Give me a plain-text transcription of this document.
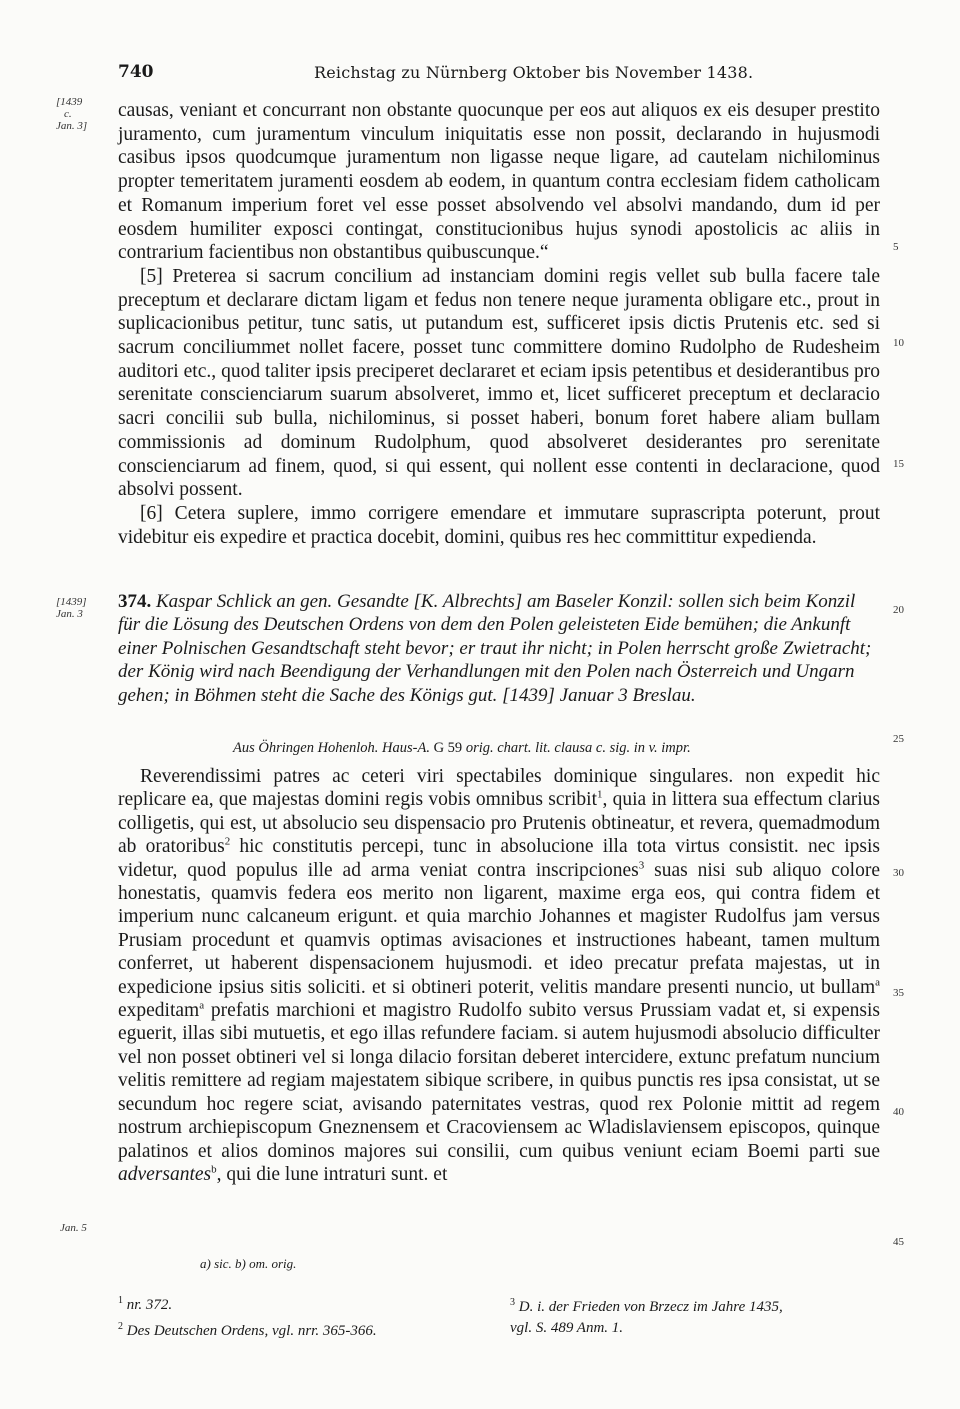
740	Reichstag zu Nürnberg Oktober bis November 1438.
[1439
c.
Jan. 3]
[1439]
Jan. 3
Jan. 5
5
10
15
20
25
30
35
40
45

causas, veniant et concurrant non obstante quocunque per eos aut aliquos ex eis desuper prestito juramento, cum juramentum vinculum iniquitatis esse non possit, declarando in hujusmodi casibus ipsos quodcumque juramentum non ligasse neque ligare, ad cautelam nichilominus propter temeritatem juramenti eosdem ab eodem, in quantum contra ecclesiam fidem catholicam et Romanum imperium foret vel esse posset absolvendo vel absolvi mandando, dum id per eosdem humiliter exposci contingat, constitucionibus hujus synodi apostolicis ac aliis in contrarium facientibus non obstantibus quibuscunque.“

[5] Preterea si sacrum concilium ad instanciam domini regis vellet sub bulla facere tale preceptum et declarare dictam ligam et fedus non tenere neque juramenta obligare etc., prout in suplicacionibus petitur, tunc satis, ut putandum est, sufficeret ipsis dictis Prutenis etc. sed si sacrum conciliummet nollet facere, posset tunc committere domino Rudolpho de Rudesheim auditori etc., quod taliter ipsis preciperet declararet et eciam ipsis petentibus et desiderantibus pro serenitate conscienciarum suarum absolveret, immo et, licet sufficeret preceptum et declaracio sacri concilii sub bulla, nichilominus, si posset haberi, bonum foret habere aliam bullam commissionis ad dominum Rudolphum, quod absolveret desiderantes pro serenitate conscienciarum ad finem, quod, si qui essent, qui nollent esse contenti in declaracione, quod absolvi possent.

[6] Cetera suplere, immo corrigere emendare et immutare suprascripta poterunt, prout videbitur eis expedire et practica docebit, domini, quibus res hec committitur expedienda.

374. Kaspar Schlick an gen. Gesandte [K. Albrechts] am Baseler Konzil: sollen sich beim Konzil für die Lösung des Deutschen Ordens von dem den Polen geleisteten Eide bemühen; die Ankunft einer Polnischen Gesandtschaft steht bevor; er traut ihr nicht; in Polen herrscht große Zwietracht; der König wird nach Beendigung der Verhandlungen mit den Polen nach Österreich und Ungarn gehen; in Böhmen steht die Sache des Königs gut. [1439] Januar 3 Breslau.
Aus Öhringen Hohenloh. Haus-A. G 59 orig. chart. lit. clausa c. sig. in v. impr.

Reverendissimi patres ac ceteri viri spectabiles dominique singulares. non expedit hic replicare ea, que majestas domini regis vobis omnibus scribit$^1$, quia in littera sua effectum clarius colligetis, qui est, ut absolucio seu dispensacio pro Prutenis obtineatur, et revera, quemadmodum ab oratoribus$^2$ hic constitutis percepi, tunc in absolucione illa tota virtus consistit. nec ipsis videtur, quod populus ille ad arma veniat contra inscripciones$^3$ suas nisi sub aliquo colore honestatis, quamvis federa eos merito non ligarent, maxime erga eos, qui contra fidem et imperium nunc calcaneum erigunt. et quia marchio Johannes et magister Rudolfus jam versus Prusiam procedunt et quamvis optimas avisaciones et instructiones habeant, tamen multum conferret, ut haberent dispensacionem hujusmodi. et ideo precatur prefata majestas, ut in expedicione ipsius sitis soliciti. et si obtineri poterit, velitis mandare presenti nuncio, ut bullam$^a$ expeditam$^a$ prefatis marchioni et magistro Rudolfo subito versus Prussiam vadat et, si expensis eguerit, illas sibi mutuetis, et ego illas refundere faciam. si autem hujusmodi absolucio difficulter vel non posset obtineri vel si longa dilacio forsitan deberet intercidere, extunc prefatum nuncium velitis remittere ad regiam majestatem sibique scribere, in quibus punctis res ipsa consistat, ut se secundum hoc regere sciat, avisando paternitates vestras, quod rex Polonie mittit ad regem nostrum archiepiscopum Gneznensem et Cracoviensem ac Wladislaviensem episcopos, quinque palatinos et alios dominos majores sui consilii, cum quibus veniunt eciam Boemi parti sue adversantes$^b$, qui die lune intraturi sunt. et

a) sic. b) om. orig.
$^1$ nr. 372.
$^2$ Des Deutschen Ordens, vgl. nrr. 365-366.
$^3$ D. i. der Frieden von Brzecz im Jahre 1435,
vgl. S. 489 Anm. 1.
